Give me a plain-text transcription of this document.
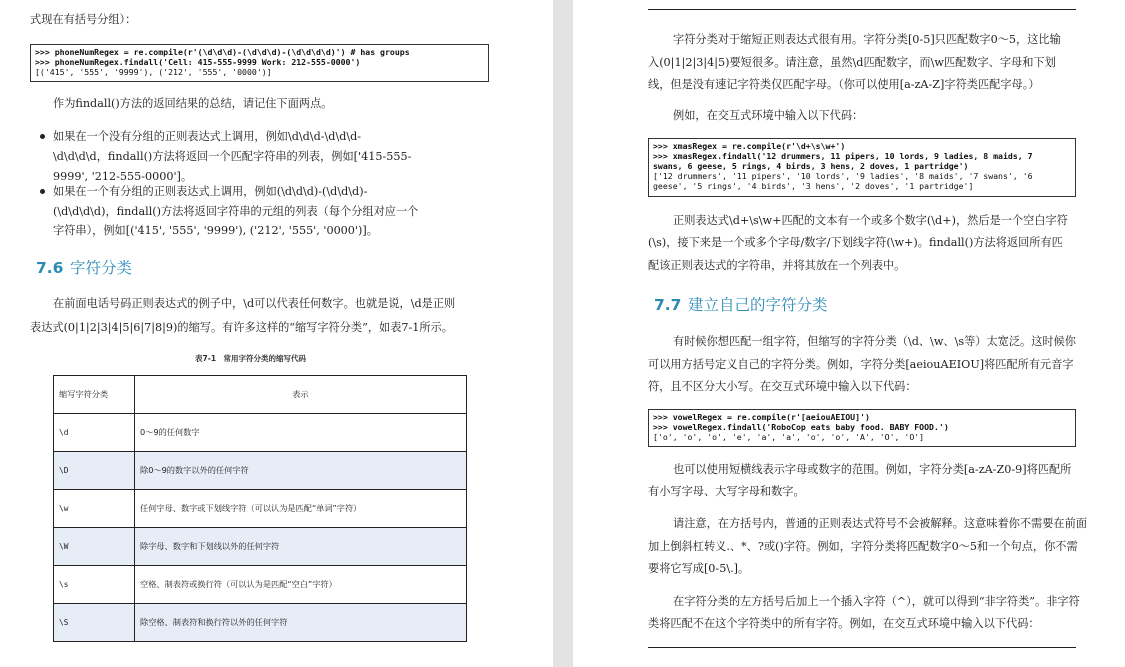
式现在有括号分组）：
>>> phoneNumRegex = re.compile(r'(\d\d\d)-(\d\d\d)-(\d\d\d\d)') # has groups
>>> phoneNumRegex.findall('Cell: 415-555-9999 Work: 212-555-0000')
[('415', '555', '9999'), ('212', '555', '0000')]
作为findall()方法的返回结果的总结，请记住下面两点。
如果在一个没有分组的正则表达式上调用，例如\d\d\d-\d\d\d-
\d\d\d\d，findall()方法将返回一个匹配字符串的列表，例如['415-555-
9999', '212-555-0000']。
如果在一个有分组的正则表达式上调用，例如(\d\d\d)-(\d\d\d)-
(\d\d\d\d)，findall()方法将返回字符串的元组的列表（每个分组对应一个
字符串），例如[('415', '555', '9999'), ('212', '555', '0000')]。
7.6 字符分类
在前面电话号码正则表达式的例子中，\d可以代表任何数字。也就是说，\d是正则
表达式(0|1|2|3|4|5|6|7|8|9)的缩写。有许多这样的“缩写字符分类”，如表7-1所示。
表7-1　常用字符分类的缩写代码
缩写字符分类	表示
\d	0～9的任何数字
\D	除0～9的数字以外的任何字符
\w	任何字母、数字或下划线字符（可以认为是匹配“单词”字符）
\W	除字母、数字和下划线以外的任何字符
\s	空格、制表符或换行符（可以认为是匹配“空白”字符）
\S	除空格、制表符和换行符以外的任何字符
字符分类对于缩短正则表达式很有用。字符分类[0-5]只匹配数字0～5，这比输
入(0|1|2|3|4|5)要短很多。请注意，虽然\d匹配数字，而\w匹配数字、字母和下划
线，但是没有速记字符类仅匹配字母。（你可以使用[a-zA-Z]字符类匹配字母。）
例如，在交互式环境中输入以下代码：
>>> xmasRegex = re.compile(r'\d+\s\w+')
>>> xmasRegex.findall('12 drummers, 11 pipers, 10 lords, 9 ladies, 8 maids, 7
swans, 6 geese, 5 rings, 4 birds, 3 hens, 2 doves, 1 partridge')
['12 drummers', '11 pipers', '10 lords', '9 ladies', '8 maids', '7 swans', '6
geese', '5 rings', '4 birds', '3 hens', '2 doves', '1 partridge']
正则表达式\d+\s\w+匹配的文本有一个或多个数字(\d+)，然后是一个空白字符
(\s)，接下来是一个或多个字母/数字/下划线字符(\w+)。findall()方法将返回所有匹
配该正则表达式的字符串，并将其放在一个列表中。
7.7 建立自己的字符分类
有时候你想匹配一组字符，但缩写的字符分类（\d、\w、\s等）太宽泛。这时候你
可以用方括号定义自己的字符分类。例如，字符分类[aeiouAEIOU]将匹配所有元音字
符，且不区分大小写。在交互式环境中输入以下代码：
>>> vowelRegex = re.compile(r'[aeiouAEIOU]')
>>> vowelRegex.findall('RoboCop eats baby food. BABY FOOD.')
['o', 'o', 'o', 'e', 'a', 'a', 'o', 'o', 'A', 'O', 'O']
也可以使用短横线表示字母或数字的范围。例如，字符分类[a-zA-Z0-9]将匹配所
有小写字母、大写字母和数字。
请注意，在方括号内，普通的正则表达式符号不会被解释。这意味着你不需要在前面
加上倒斜杠转义.、*、?或()字符。例如，字符分类将匹配数字0～5和一个句点，你不需
要将它写成[0-5\.]。
在字符分类的左方括号后加上一个插入字符（^），就可以得到“非字符类”。非字符
类将匹配不在这个字符类中的所有字符。例如，在交互式环境中输入以下代码：
